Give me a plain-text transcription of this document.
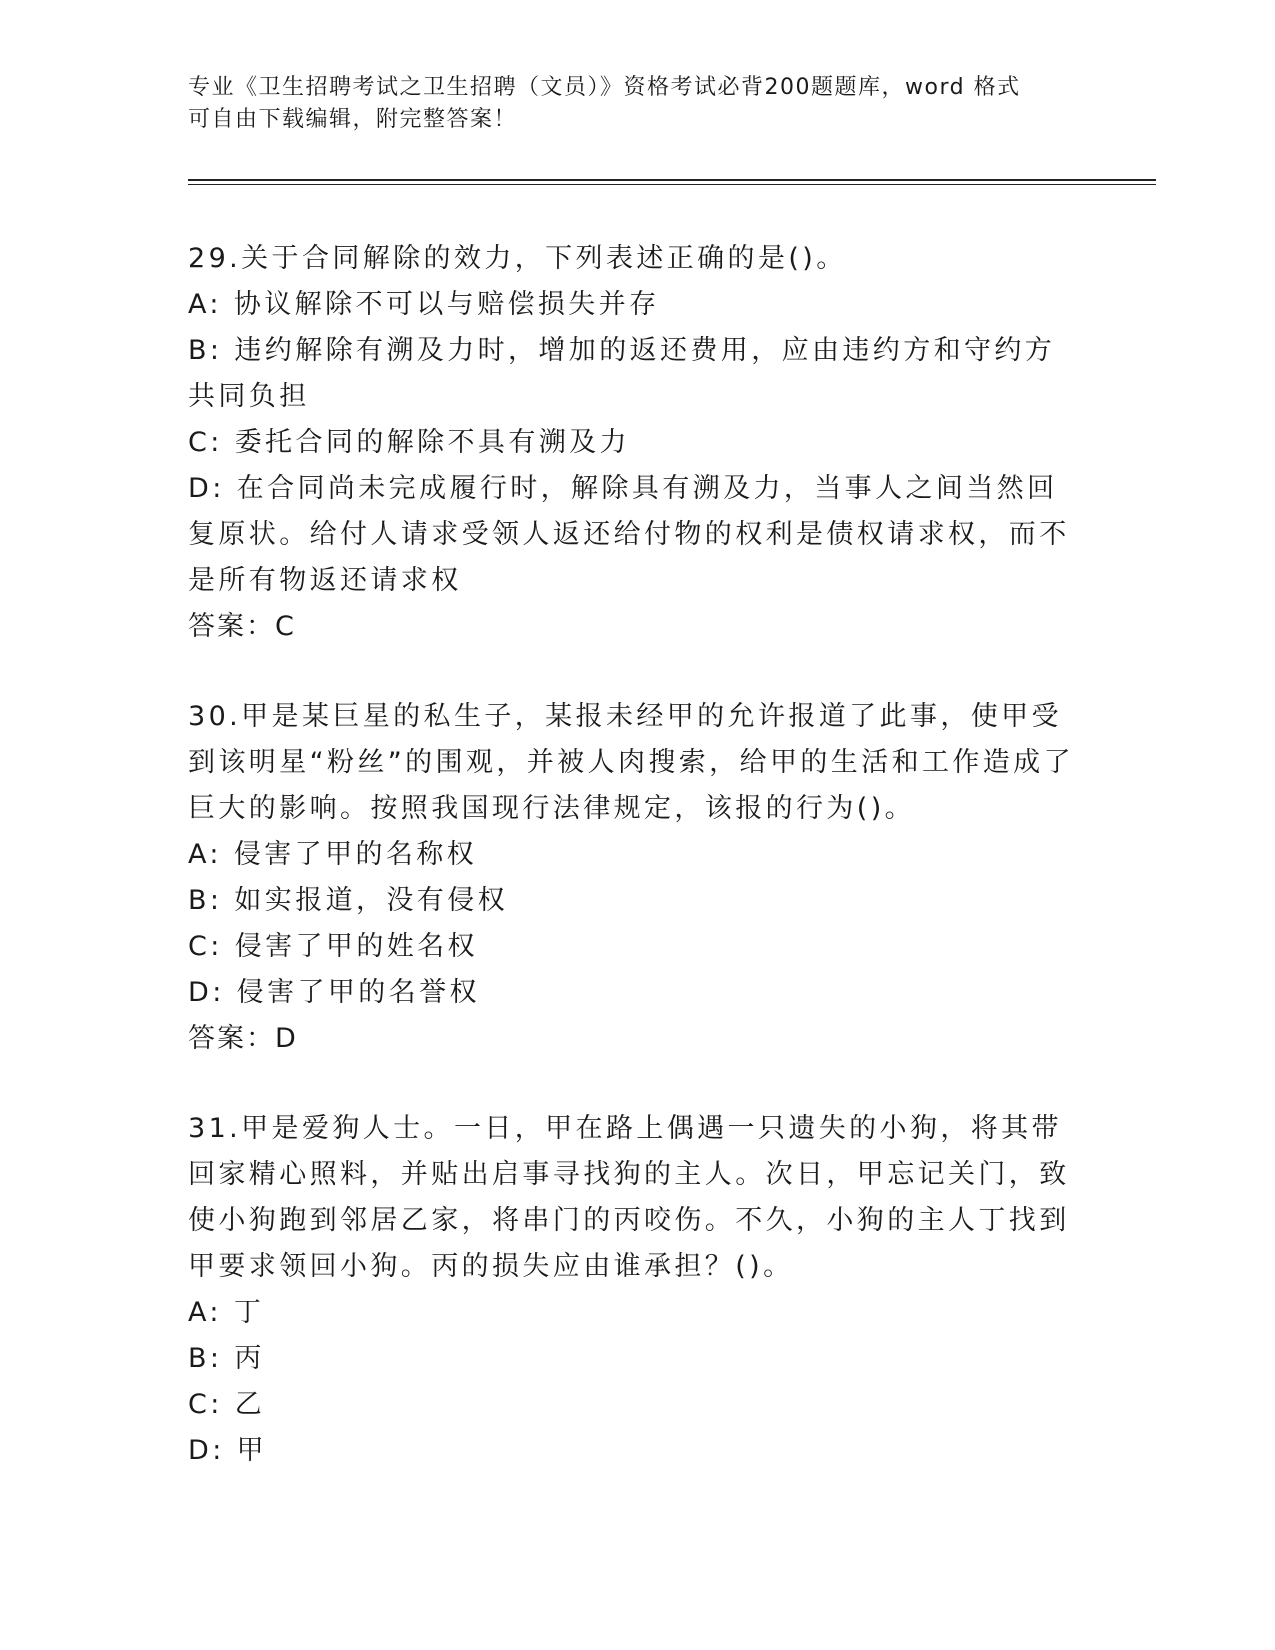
专业《卫生招聘考试之卫生招聘（文员）》资格考试必背200题题库，word 格式
可自由下载编辑，附完整答案！

29.关于合同解除的效力，下列表述正确的是()。

A: 协议解除不可以与赔偿损失并存

B: 违约解除有溯及力时，增加的返还费用，应由违约方和守约方共同负担

C: 委托合同的解除不具有溯及力

D: 在合同尚未完成履行时，解除具有溯及力，当事人之间当然回复原状。给付人请求受领人返还给付物的权利是债权请求权，而不是所有物返还请求权

答案：C

30.甲是某巨星的私生子，某报未经甲的允许报道了此事，使甲受到该明星“粉丝”的围观，并被人肉搜索，给甲的生活和工作造成了巨大的影响。按照我国现行法律规定，该报的行为()。

A: 侵害了甲的名称权

B: 如实报道，没有侵权

C: 侵害了甲的姓名权

D: 侵害了甲的名誉权

答案：D

31.甲是爱狗人士。一日，甲在路上偶遇一只遗失的小狗，将其带回家精心照料，并贴出启事寻找狗的主人。次日，甲忘记关门，致使小狗跑到邻居乙家，将串门的丙咬伤。不久，小狗的主人丁找到甲要求领回小狗。丙的损失应由谁承担？()。

A: 丁

B: 丙

C: 乙

D: 甲
